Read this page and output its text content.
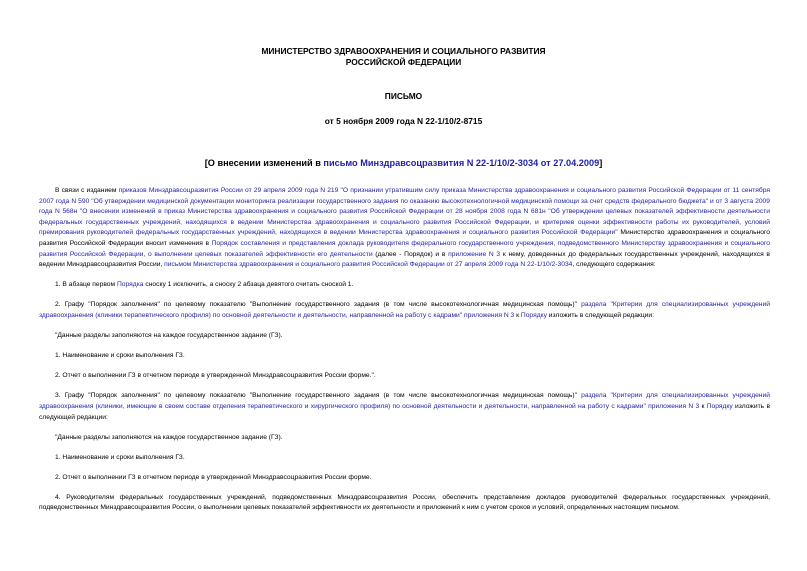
МИНИСТЕРСТВО ЗДРАВООХРАНЕНИЯ И СОЦИАЛЬНОГО РАЗВИТИЯ
РОССИЙСКОЙ ФЕДЕРАЦИИ
ПИСЬМО
от 5 ноября 2009 года N 22-1/10/2-8715
[О внесении изменений в письмо Минздравсоцразвития N 22-1/10/2-3034 от 27.04.2009]

В связи с изданием приказов Минздравсоцразвития России от 29 апреля 2009 года N 219 "О признании утратившим силу приказа Министерства здравоохранения и социального развития Российской Федерации от 11 сентября 2007 года N 590 "Об утверждении медицинской документации мониторинга реализации государственного задания по оказанию высокотехнологичной медицинской помощи за счет средств федерального бюджета" и от 3 августа 2009 года N 568н "О внесении изменений в приказ Министерства здравоохранения и социального развития Российской Федерации от 28 ноября 2008 года N 681н "Об утверждении целевых показателей эффективности деятельности федеральных государственных учреждений, находящихся в ведении Министерства здравоохранения и социального развития Российской Федерации, и критериев оценки эффективности работы их руководителей, условий премирования руководителей федеральных государственных учреждений, находящихся в ведении Министерства здравоохранения и социального развития Российской Федерации" Министерство здравоохранения и социального развития Российской Федерации вносит изменения в Порядок составления и представления доклада руководителя федерального государственного учреждения, подведомственного Министерству здравоохранения и социального развития Российской Федерации, о выполнении целевых показателей эффективности его деятельности (далее - Порядок) и в приложение N 3 к нему, доведенных до федеральных государственных учреждений, находящихся в ведении Минздравсоцразвития России, письмом Министерства здравоохранения и социального развития Российской Федерации от 27 апреля 2009 года N 22-1/10/2-3034, следующего содержания:

1. В абзаце первом Порядка сноску 1 исключить, а сноску 2 абзаца девятого считать сноской 1.

2. Графу "Порядок заполнения" по целевому показателю "Выполнение государственного задания (в том числе высокотехнологичная медицинская помощь)" раздела "Критерии для специализированных учреждений здравоохранения (клиники терапевтического профиля) по основной деятельности и деятельности, направленной на работу с кадрами" приложения N 3 к Порядку изложить в следующей редакции:

"Данные разделы заполняются на каждое государственное задание (ГЗ).

1. Наименование и сроки выполнения ГЗ.

2. Отчет о выполнении ГЗ в отчетном периоде в утвержденной Минздравсоцразвития России форме.".

3. Графу "Порядок заполнения" по целевому показателю "Выполнение государственного задания (в том числе высокотехнологичная медицинская помощь)" раздела "Критерии для специализированных учреждений здравоохранения (клиники, имеющие в своем составе отделения терапевтического и хирургического профиля) по основной деятельности и деятельности, направленной на работу с кадрами" приложения N 3 к Порядку изложить в следующей редакции:

"Данные разделы заполняются на каждое государственное задание (ГЗ).

1. Наименование и сроки выполнения ГЗ.

2. Отчет о выполнении ГЗ в отчетном периоде в утвержденной Минздравсоцразвития России форме.

4. Руководителям федеральных государственных учреждений, подведомственных Минздравсоцразвития России, обеспечить представление докладов руководителей федеральных государственных учреждений, подведомственных Минздравсоцразвития России, о выполнении целевых показателей эффективности их деятельности и приложений к ним с учетом сроков и условий, определенных настоящим письмом.
